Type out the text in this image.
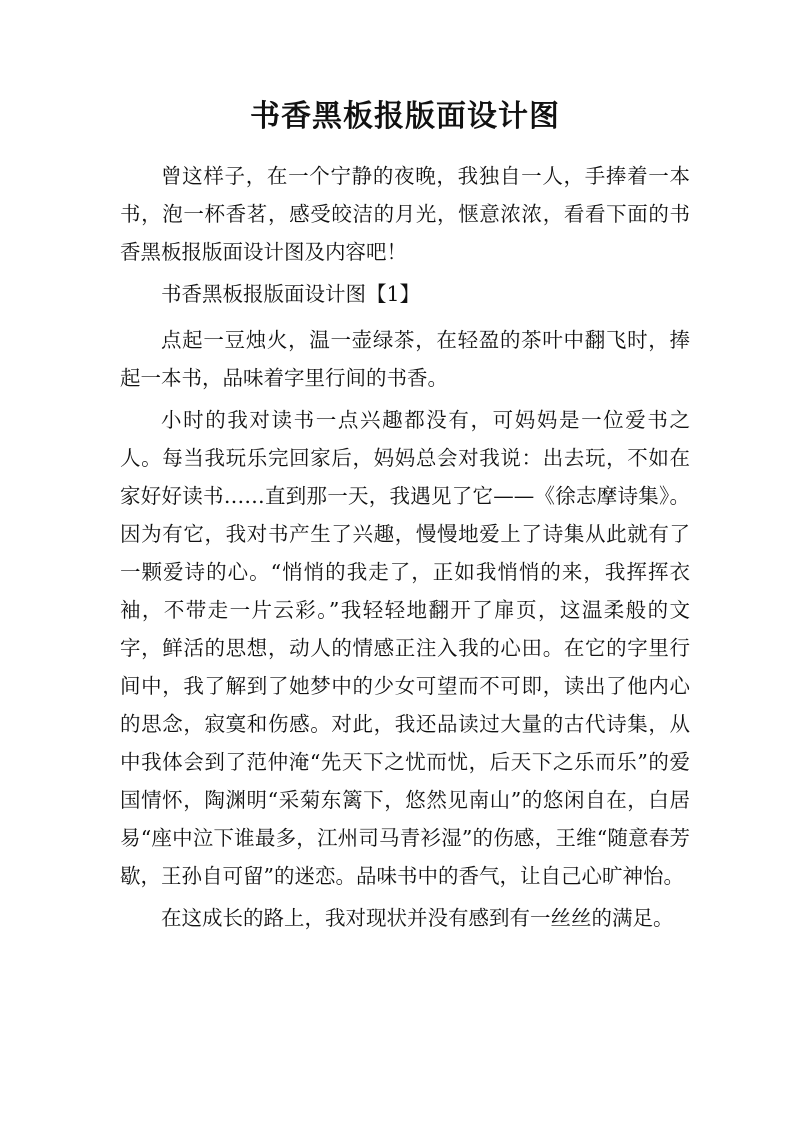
书香黑板报版面设计图

曾这样子，在一个宁静的夜晚，我独自一人，手捧着一本书，泡一杯香茗，感受皎洁的月光，惬意浓浓，看看下面的书香黑板报版面设计图及内容吧！

书香黑板报版面设计图【1】

点起一豆烛火，温一壶绿茶，在轻盈的茶叶中翻飞时，捧起一本书，品味着字里行间的书香。

小时的我对读书一点兴趣都没有，可妈妈是一位爱书之人。每当我玩乐完回家后，妈妈总会对我说：出去玩，不如在家好好读书……直到那一天，我遇见了它——《徐志摩诗集》。因为有它，我对书产生了兴趣，慢慢地爱上了诗集从此就有了一颗爱诗的心。“悄悄的我走了，正如我悄悄的来，我挥挥衣袖，不带走一片云彩。”我轻轻地翻开了扉页，这温柔般的文字，鲜活的思想，动人的情感正注入我的心田。在它的字里行间中，我了解到了她梦中的少女可望而不可即，读出了他内心的思念，寂寞和伤感。对此，我还品读过大量的古代诗集，从中我体会到了范仲淹“先天下之忧而忧，后天下之乐而乐”的爱国情怀，陶渊明“采菊东篱下，悠然见南山”的悠闲自在，白居易“座中泣下谁最多，江州司马青衫湿”的伤感，王维“随意春芳歇，王孙自可留”的迷恋。品味书中的香气，让自己心旷神怡。

在这成长的路上，我对现状并没有感到有一丝丝的满足。
